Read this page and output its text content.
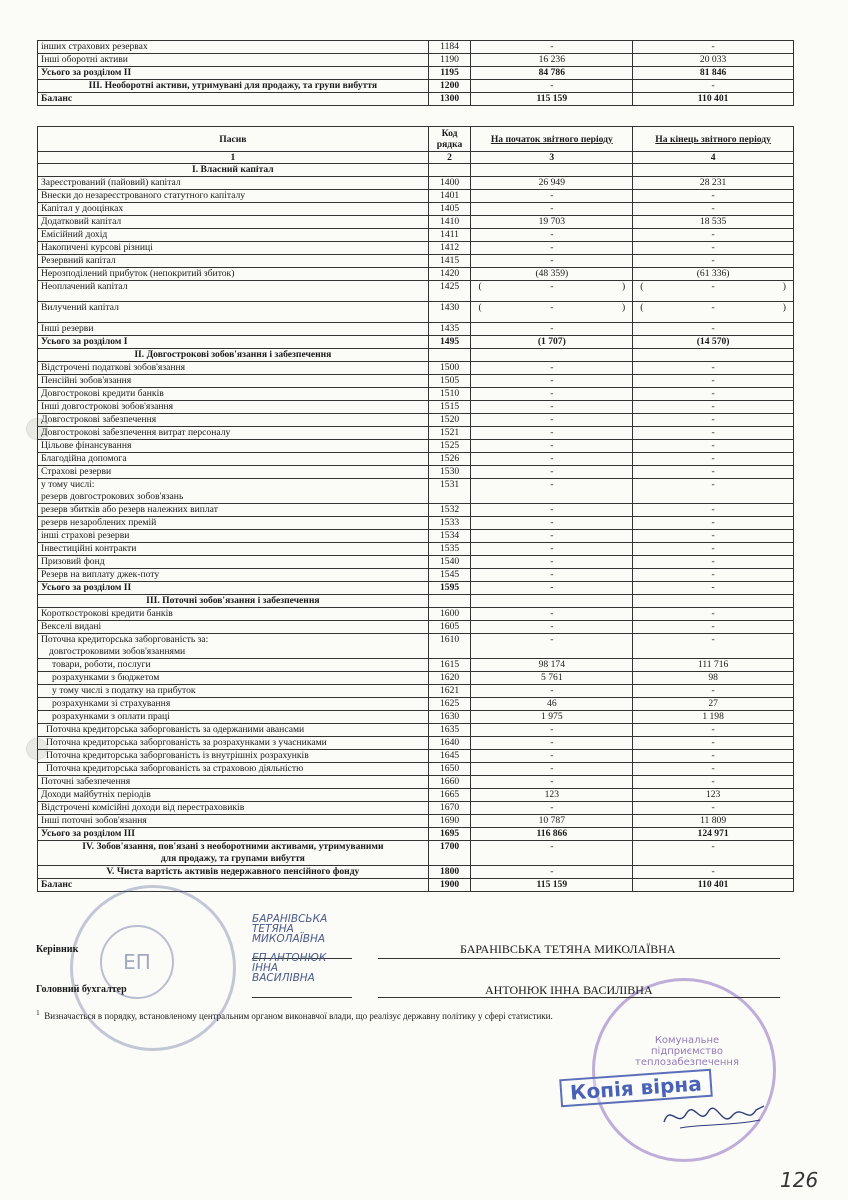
інших страхових резервах	1184	-	-
Інші оборотні активи	1190	16 236	20 033
Усього за розділом II	1195	84 786	81 846
III. Необоротні активи, утримувані для продажу, та групи вибуття	1200	-	-
Баланс	1300	115 159	110 401
Пасив	Код рядка	На початок звітного періоду	На кінець звітного періоду
1	2	3	4
I. Власний капітал			
Зареєстрований (пайовий) капітал	1400	26 949	28 231
Внески до незареєстрованого статутного капіталу	1401	-	-
Капітал у дооцінках	1405	-	-
Додатковий капітал	1410	19 703	18 535
Емісійний дохід	1411	-	-
Накопичені курсові різниці	1412	-	-
Резервний капітал	1415	-	-
Нерозподілений прибуток (непокритий збиток)	1420	(48 359)	(61 336)
Неоплачений капітал	1425	( - )	( - )

Вилучений капітал	1430	( - )	( - )

Інші резерви	1435	-	-
Усього за розділом I	1495	(1 707)	(14 570)
II. Довгострокові зобов'язання і забезпечення			
Відстрочені податкові зобов'язання	1500	-	-
Пенсійні зобов'язання	1505	-	-
Довгострокові кредити банків	1510	-	-
Інші довгострокові зобов'язання	1515	-	-
Довгострокові забезпечення	1520	-	-
Довгострокові забезпечення витрат персоналу	1521	-	-
Цільове фінансування	1525	-	-
Благодійна допомога	1526	-	-
Страхові резерви	1530	-	-

у тому числі:
резерв довгострокових зобов'язань	1531	-	-
резерв збитків або резерв належних виплат	1532	-	-
резерв незароблених премій	1533	-	-
інші страхові резерви	1534	-	-
Інвестиційні контракти	1535	-	-
Призовий фонд	1540	-	-
Резерв на виплату джек-поту	1545	-	-
Усього за розділом II	1595	-	-
III. Поточні зобов'язання і забезпечення			
Короткострокові кредити банків	1600	-	-
Векселі видані	1605	-	-

Поточна кредиторська заборгованість за:
довгостроковими зобов'язаннями	1610	-	-
товари, роботи, послуги	1615	98 174	111 716
розрахунками з бюджетом	1620	5 761	98
у тому числі з податку на прибуток	1621	-	-
розрахунками зі страхування	1625	46	27
розрахунками з оплати праці	1630	1 975	1 198
Поточна кредиторська заборгованість за одержаними авансами	1635	-	-
Поточна кредиторська заборгованість за розрахунками з учасниками	1640	-	-
Поточна кредиторська заборгованість із внутрішніх розрахунків	1645	-	-
Поточна кредиторська заборгованість за страховою діяльністю	1650	-	-
Поточні забезпечення	1660	-	-
Доходи майбутніх періодів	1665	123	123
Відстрочені комісійні доходи від перестраховиків	1670	-	-
Інші поточні зобов'язання	1690	10 787	11 809
Усього за розділом III	1695	116 866	124 971
IV. Зобов'язання, пов'язані з необоротними активами, утримуваними для продажу, та групами вибуття	1700	-	-
V. Чиста вартість активів недержавного пенсійного фонду	1800	-	-
Баланс	1900	115 159	110 401
ЕП
Комунальне
підприємство
теплозабезпечення
Копія вірна
Керівник
БАРАНІВСЬКА
ТЕТЯНА
МИКОЛАЇВНА
БАРАНІВСЬКА ТЕТЯНА МИКОЛАЇВНА
Головний бухгалтер
ЕП АНТОНЮК
ІННА
ВАСИЛІВНА
АНТОНЮК ІННА ВАСИЛІВНА
$^1$ Визначається в порядку, встановленому центральним органом виконавчої влади, що реалізує державну політику у сфері статистики.
126
